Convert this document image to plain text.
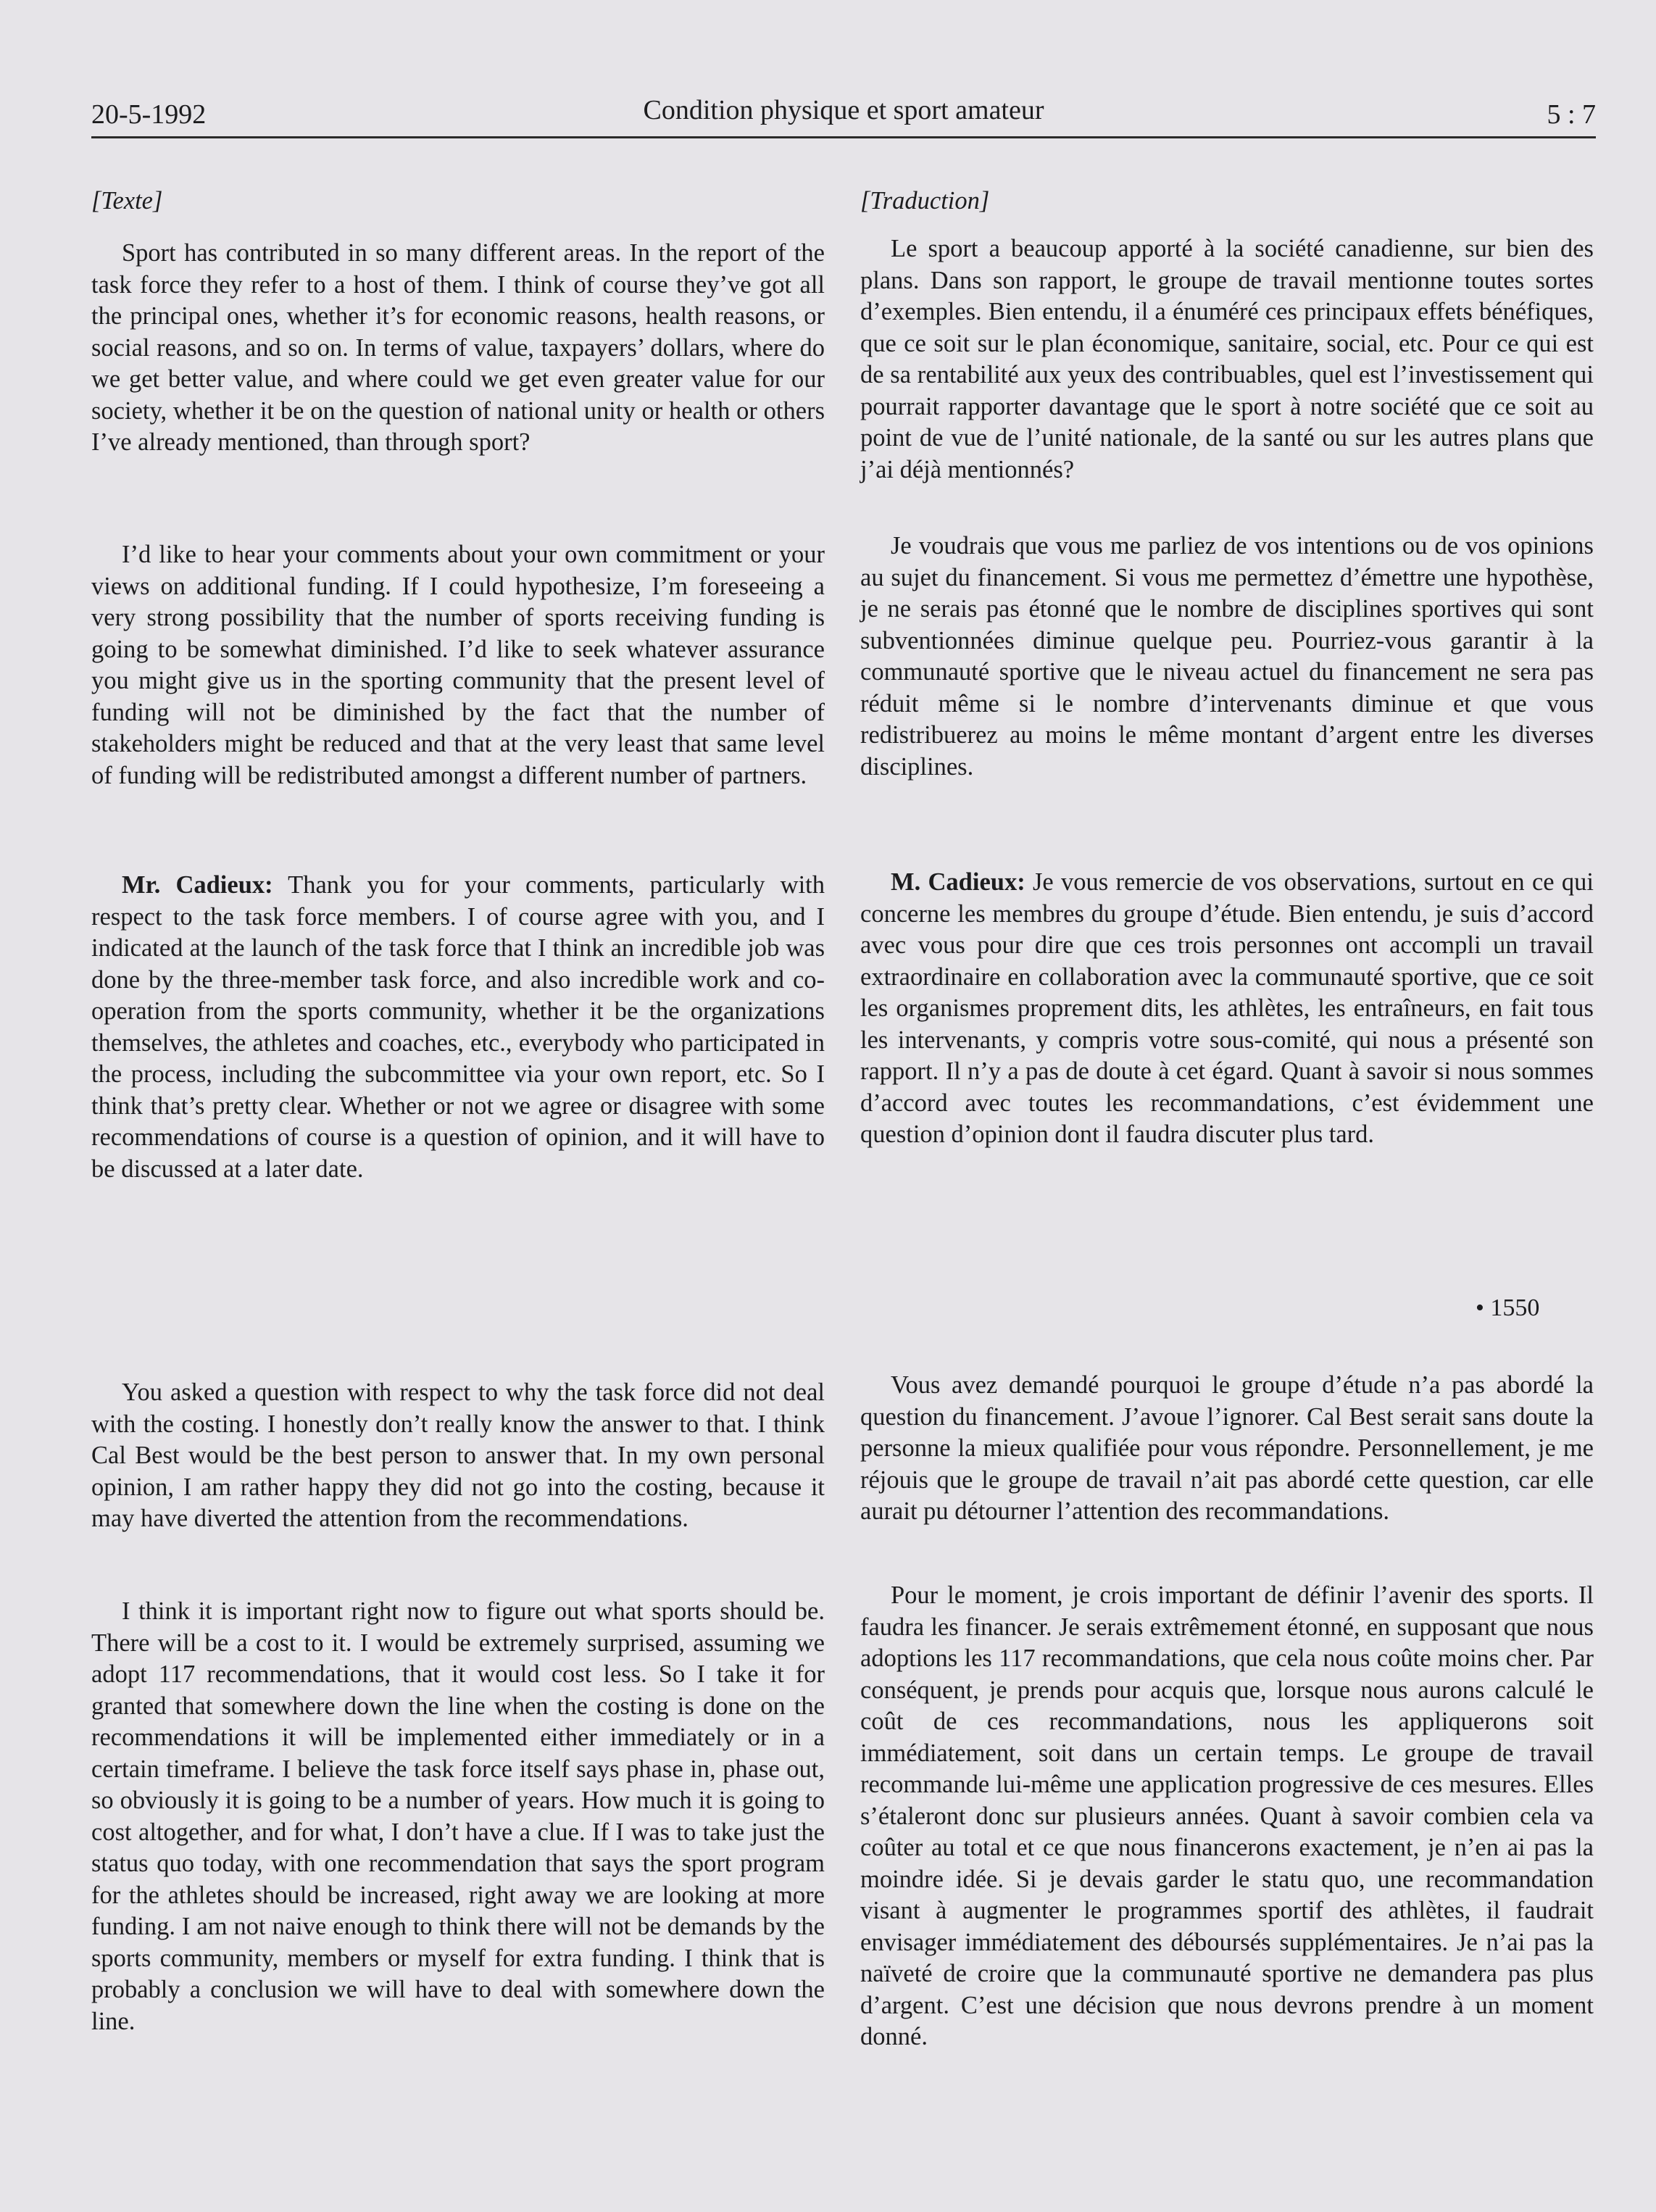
20-5-1992	Condition physique et sport amateur	5 : 7

[Texte]

Sport has contributed in so many different areas. In the report of the task force they refer to a host of them. I think of course they’ve got all the principal ones, whether it’s for economic reasons, health reasons, or social reasons, and so on. In terms of value, taxpayers’ dollars, where do we get better value, and where could we get even greater value for our society, whether it be on the question of national unity or health or others I’ve already mentioned, than through sport?

I’d like to hear your comments about your own commitment or your views on additional funding. If I could hypothesize, I’m foreseeing a very strong possibility that the number of sports receiving funding is going to be somewhat diminished. I’d like to seek whatever assurance you might give us in the sporting community that the present level of funding will not be diminished by the fact that the number of stakeholders might be reduced and that at the very least that same level of funding will be redistributed amongst a different number of partners.

Mr. Cadieux: Thank you for your comments, particularly with respect to the task force members. I of course agree with you, and I indicated at the launch of the task force that I think an incredible job was done by the three-member task force, and also incredible work and co-operation from the sports community, whether it be the organizations themselves, the athletes and coaches, etc., everybody who participated in the process, including the subcommittee via your own report, etc. So I think that’s pretty clear. Whether or not we agree or disagree with some recommendations of course is a question of opinion, and it will have to be discussed at a later date.

• 1550

You asked a question with respect to why the task force did not deal with the costing. I honestly don’t really know the answer to that. I think Cal Best would be the best person to answer that. In my own personal opinion, I am rather happy they did not go into the costing, because it may have diverted the attention from the recommendations.

I think it is important right now to figure out what sports should be. There will be a cost to it. I would be extremely surprised, assuming we adopt 117 recommendations, that it would cost less. So I take it for granted that somewhere down the line when the costing is done on the recommendations it will be implemented either immediately or in a certain timeframe. I believe the task force itself says phase in, phase out, so obviously it is going to be a number of years. How much it is going to cost altogether, and for what, I don’t have a clue. If I was to take just the status quo today, with one recommendation that says the sport program for the athletes should be increased, right away we are looking at more funding. I am not naive enough to think there will not be demands by the sports community, members or myself for extra funding. I think that is probably a conclusion we will have to deal with somewhere down the line.

[Traduction]

Le sport a beaucoup apporté à la société canadienne, sur bien des plans. Dans son rapport, le groupe de travail mentionne toutes sortes d’exemples. Bien entendu, il a énuméré ces principaux effets bénéfiques, que ce soit sur le plan économique, sanitaire, social, etc. Pour ce qui est de sa rentabilité aux yeux des contribuables, quel est l’investissement qui pourrait rapporter davantage que le sport à notre société que ce soit au point de vue de l’unité nationale, de la santé ou sur les autres plans que j’ai déjà mentionnés?

Je voudrais que vous me parliez de vos intentions ou de vos opinions au sujet du financement. Si vous me permettez d’émettre une hypothèse, je ne serais pas étonné que le nombre de disciplines sportives qui sont subventionnées diminue quelque peu. Pourriez-vous garantir à la communauté sportive que le niveau actuel du financement ne sera pas réduit même si le nombre d’intervenants diminue et que vous redistribuerez au moins le même montant d’argent entre les diverses disciplines.

M. Cadieux: Je vous remercie de vos observations, surtout en ce qui concerne les membres du groupe d’étude. Bien entendu, je suis d’accord avec vous pour dire que ces trois personnes ont accompli un travail extraordinaire en collaboration avec la communauté sportive, que ce soit les organismes proprement dits, les athlètes, les entraîneurs, en fait tous les intervenants, y compris votre sous-comité, qui nous a présenté son rapport. Il n’y a pas de doute à cet égard. Quant à savoir si nous sommes d’accord avec toutes les recommandations, c’est évidemment une question d’opinion dont il faudra discuter plus tard.

Vous avez demandé pourquoi le groupe d’étude n’a pas abordé la question du financement. J’avoue l’ignorer. Cal Best serait sans doute la personne la mieux qualifiée pour vous répondre. Personnellement, je me réjouis que le groupe de travail n’ait pas abordé cette question, car elle aurait pu détourner l’attention des recommandations.

Pour le moment, je crois important de définir l’avenir des sports. Il faudra les financer. Je serais extrêmement étonné, en supposant que nous adoptions les 117 recommandations, que cela nous coûte moins cher. Par conséquent, je prends pour acquis que, lorsque nous aurons calculé le coût de ces recommandations, nous les appliquerons soit immédiatement, soit dans un certain temps. Le groupe de travail recommande lui-même une application progressive de ces mesures. Elles s’étaleront donc sur plusieurs années. Quant à savoir combien cela va coûter au total et ce que nous financerons exactement, je n’en ai pas la moindre idée. Si je devais garder le statu quo, une recommandation visant à augmenter le programmes sportif des athlètes, il faudrait envisager immédiatement des déboursés supplémentaires. Je n’ai pas la naïveté de croire que la communauté sportive ne demandera pas plus d’argent. C’est une décision que nous devrons prendre à un moment donné.
